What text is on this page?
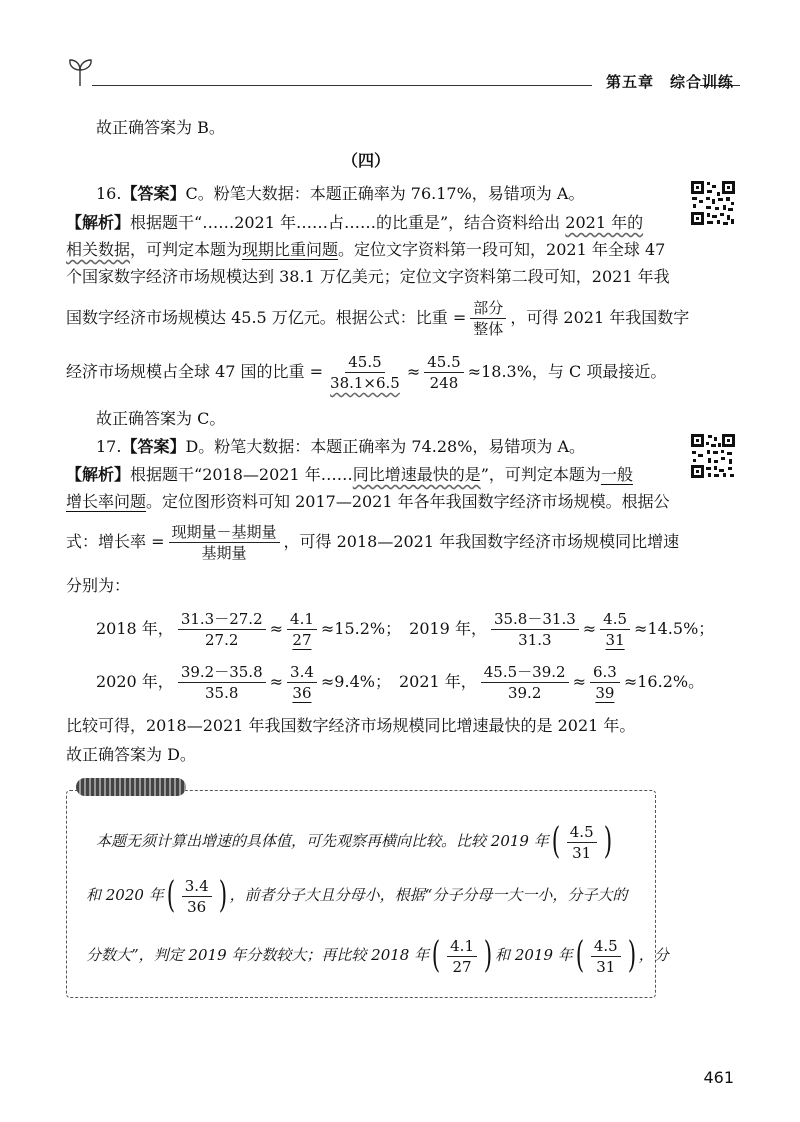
第五章　综合训练
故正确答案为 B。
（四）
16.【答案】C。粉笔大数据：本题正确率为 76.17%，易错项为 A。
【解析】根据题干“……2021 年……占……的比重是”，结合资料给出 2021 年的
相关数据，可判定本题为现期比重问题。定位文字资料第一段可知，2021 年全球 47
个国家数字经济市场规模达到 38.1 万亿美元；定位文字资料第二段可知，2021 年我
国数字经济市场规模达 45.5 万亿元。根据公式：比重 = $\frac{\text{部分}}{\text{整体}}$ ，可得 2021 年我国数字
经济市场规模占全球 47 国的比重 = $\frac{45.5}{38.1\times 6.5} \approx \frac{45.5}{248} \approx 18.3\%$，与 C 项最接近。
故正确答案为 C。
17.【答案】D。粉笔大数据：本题正确率为 74.28%，易错项为 A。
【解析】根据题干“2018—2021 年……同比增速最快的是”，可判定本题为一般
增长率问题。定位图形资料可知 2017—2021 年各年我国数字经济市场规模。根据公
式：增长率 = $\frac{\text{现期量－基期量}}{\text{基期量}}$ ，可得 2018—2021 年我国数字经济市场规模同比增速
分别为：
2018 年， $\frac{31.3-27.2}{27.2} \approx \frac{4.1}{27} \approx 15.2\%$； 2019 年， $\frac{35.8-31.3}{31.3} \approx \frac{4.5}{31} \approx 14.5\%$；
2020 年， $\frac{39.2-35.8}{35.8} \approx \frac{3.4}{36} \approx 9.4\%$； 2021 年， $\frac{45.5-39.2}{39.2} \approx \frac{6.3}{39} \approx 16.2\%$。
比较可得，2018—2021 年我国数字经济市场规模同比增速最快的是 2021 年。
故正确答案为 D。
本题无须计算出增速的具体值，可先观察再横向比较。比较 2019 年 ( $\frac{4.5}{31}$ )
和 2020 年 ( $\frac{3.4}{36}$ ) ，前者分子大且分母小，根据“分子分母一大一小，分子大的
分数大”，判定 2019 年分数较大；再比较 2018 年 ( $\frac{4.1}{27}$ ) 和 2019 年 ( $\frac{4.5}{31}$ ) ，分
461
